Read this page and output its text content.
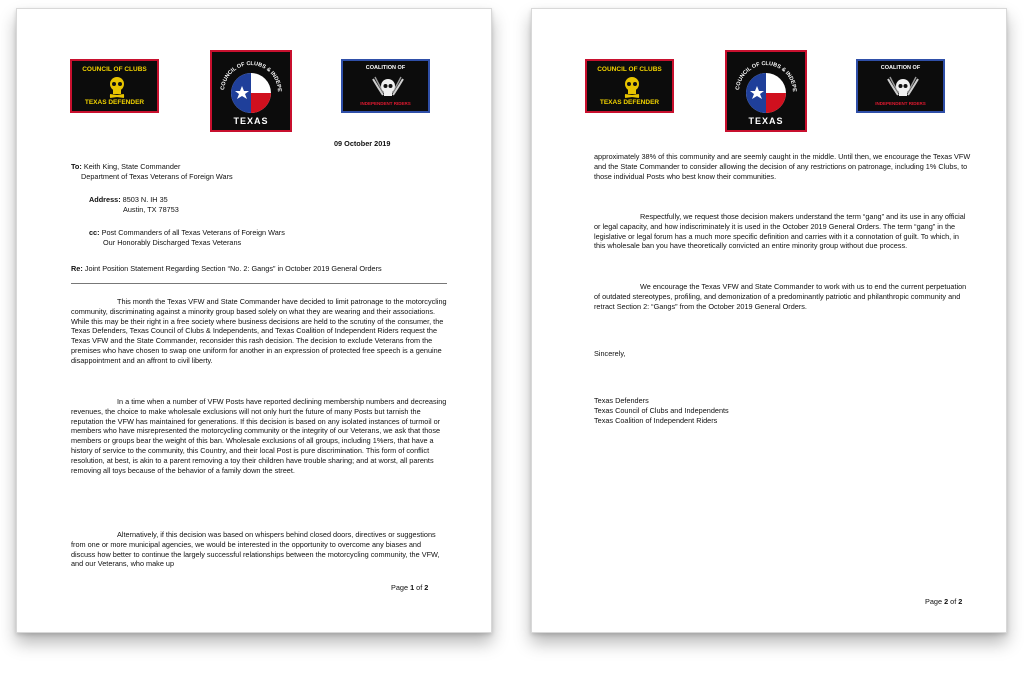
COUNCIL OF CLUBS
TEXAS DEFENDER
COUNCIL OF CLUBS & INDEPE
TEXAS
COALITION OF
INDEPENDENT RIDERS
09 October 2019
To: Keith King, State Commander
Department of Texas Veterans of Foreign Wars
Address: 8503 N. IH 35
Austin, TX 78753
cc: Post Commanders of all Texas Veterans of Foreign Wars
Our Honorably Discharged Texas Veterans
Re: Joint Position Statement Regarding Section “No. 2: Gangs” in October 2019 General Orders
This month the Texas VFW and State Commander have decided to limit patronage to the motorcycling community, discriminating against a minority group based solely on what they are wearing and their associations. While this may be their right in a free society where business decisions are held to the scrutiny of the consumer, the Texas Defenders, Texas Council of Clubs & Independents, and Texas Coalition of Independent Riders request the Texas VFW and the State Commander, reconsider this rash decision. The decision to exclude Veterans from the premises who have chosen to swap one uniform for another in an expression of protected free speech is a genuine disappointment and an affront to civil liberty.
In a time when a number of VFW Posts have reported declining membership numbers and decreasing revenues, the choice to make wholesale exclusions will not only hurt the future of many Posts but tarnish the reputation the VFW has maintained for generations. If this decision is based on any isolated instances of turmoil or members who have misrepresented the motorcycling community or the integrity of our Veterans, we ask that those members or groups bear the weight of this ban. Wholesale exclusions of all groups, including 1%ers, that have a history of service to the community, this Country, and their local Post is pure discrimination. This form of conflict resolution, at best, is akin to a parent removing a toy their children have trouble sharing; and at worst, all parents removing all toys because of the behavior of a family down the street.
Alternatively, if this decision was based on whispers behind closed doors, directives or suggestions from one or more municipal agencies, we would be interested in the opportunity to overcome any biases and discuss how better to continue the largely successful relationships between the motorcycling community, the VFW, and our Veterans, who make up
Page 1 of 2
COUNCIL OF CLUBS
TEXAS DEFENDER
COUNCIL OF CLUBS & INDEPE
TEXAS
COALITION OF
INDEPENDENT RIDERS
approximately 38% of this community and are seemly caught in the middle. Until then, we encourage the Texas VFW and the State Commander to consider allowing the decision of any restrictions on patronage, including 1% Clubs, to those individual Posts who best know their communities.
Respectfully, we request those decision makers understand the term “gang” and its use in any official or legal capacity, and how indiscriminately it is used in the October 2019 General Orders. The term “gang” in the legislative or legal forum has a much more specific definition and carries with it a connotation of guilt. To which, in this wholesale ban you have theoretically convicted an entire minority group without due process.
We encourage the Texas VFW and State Commander to work with us to end the current perpetuation of outdated stereotypes, profiling, and demonization of a predominantly patriotic and philanthropic community and retract Section 2: “Gangs” from the October 2019 General Orders.
Sincerely,
Texas Defenders
Texas Council of Clubs and Independents
Texas Coalition of Independent Riders
Page 2 of 2
